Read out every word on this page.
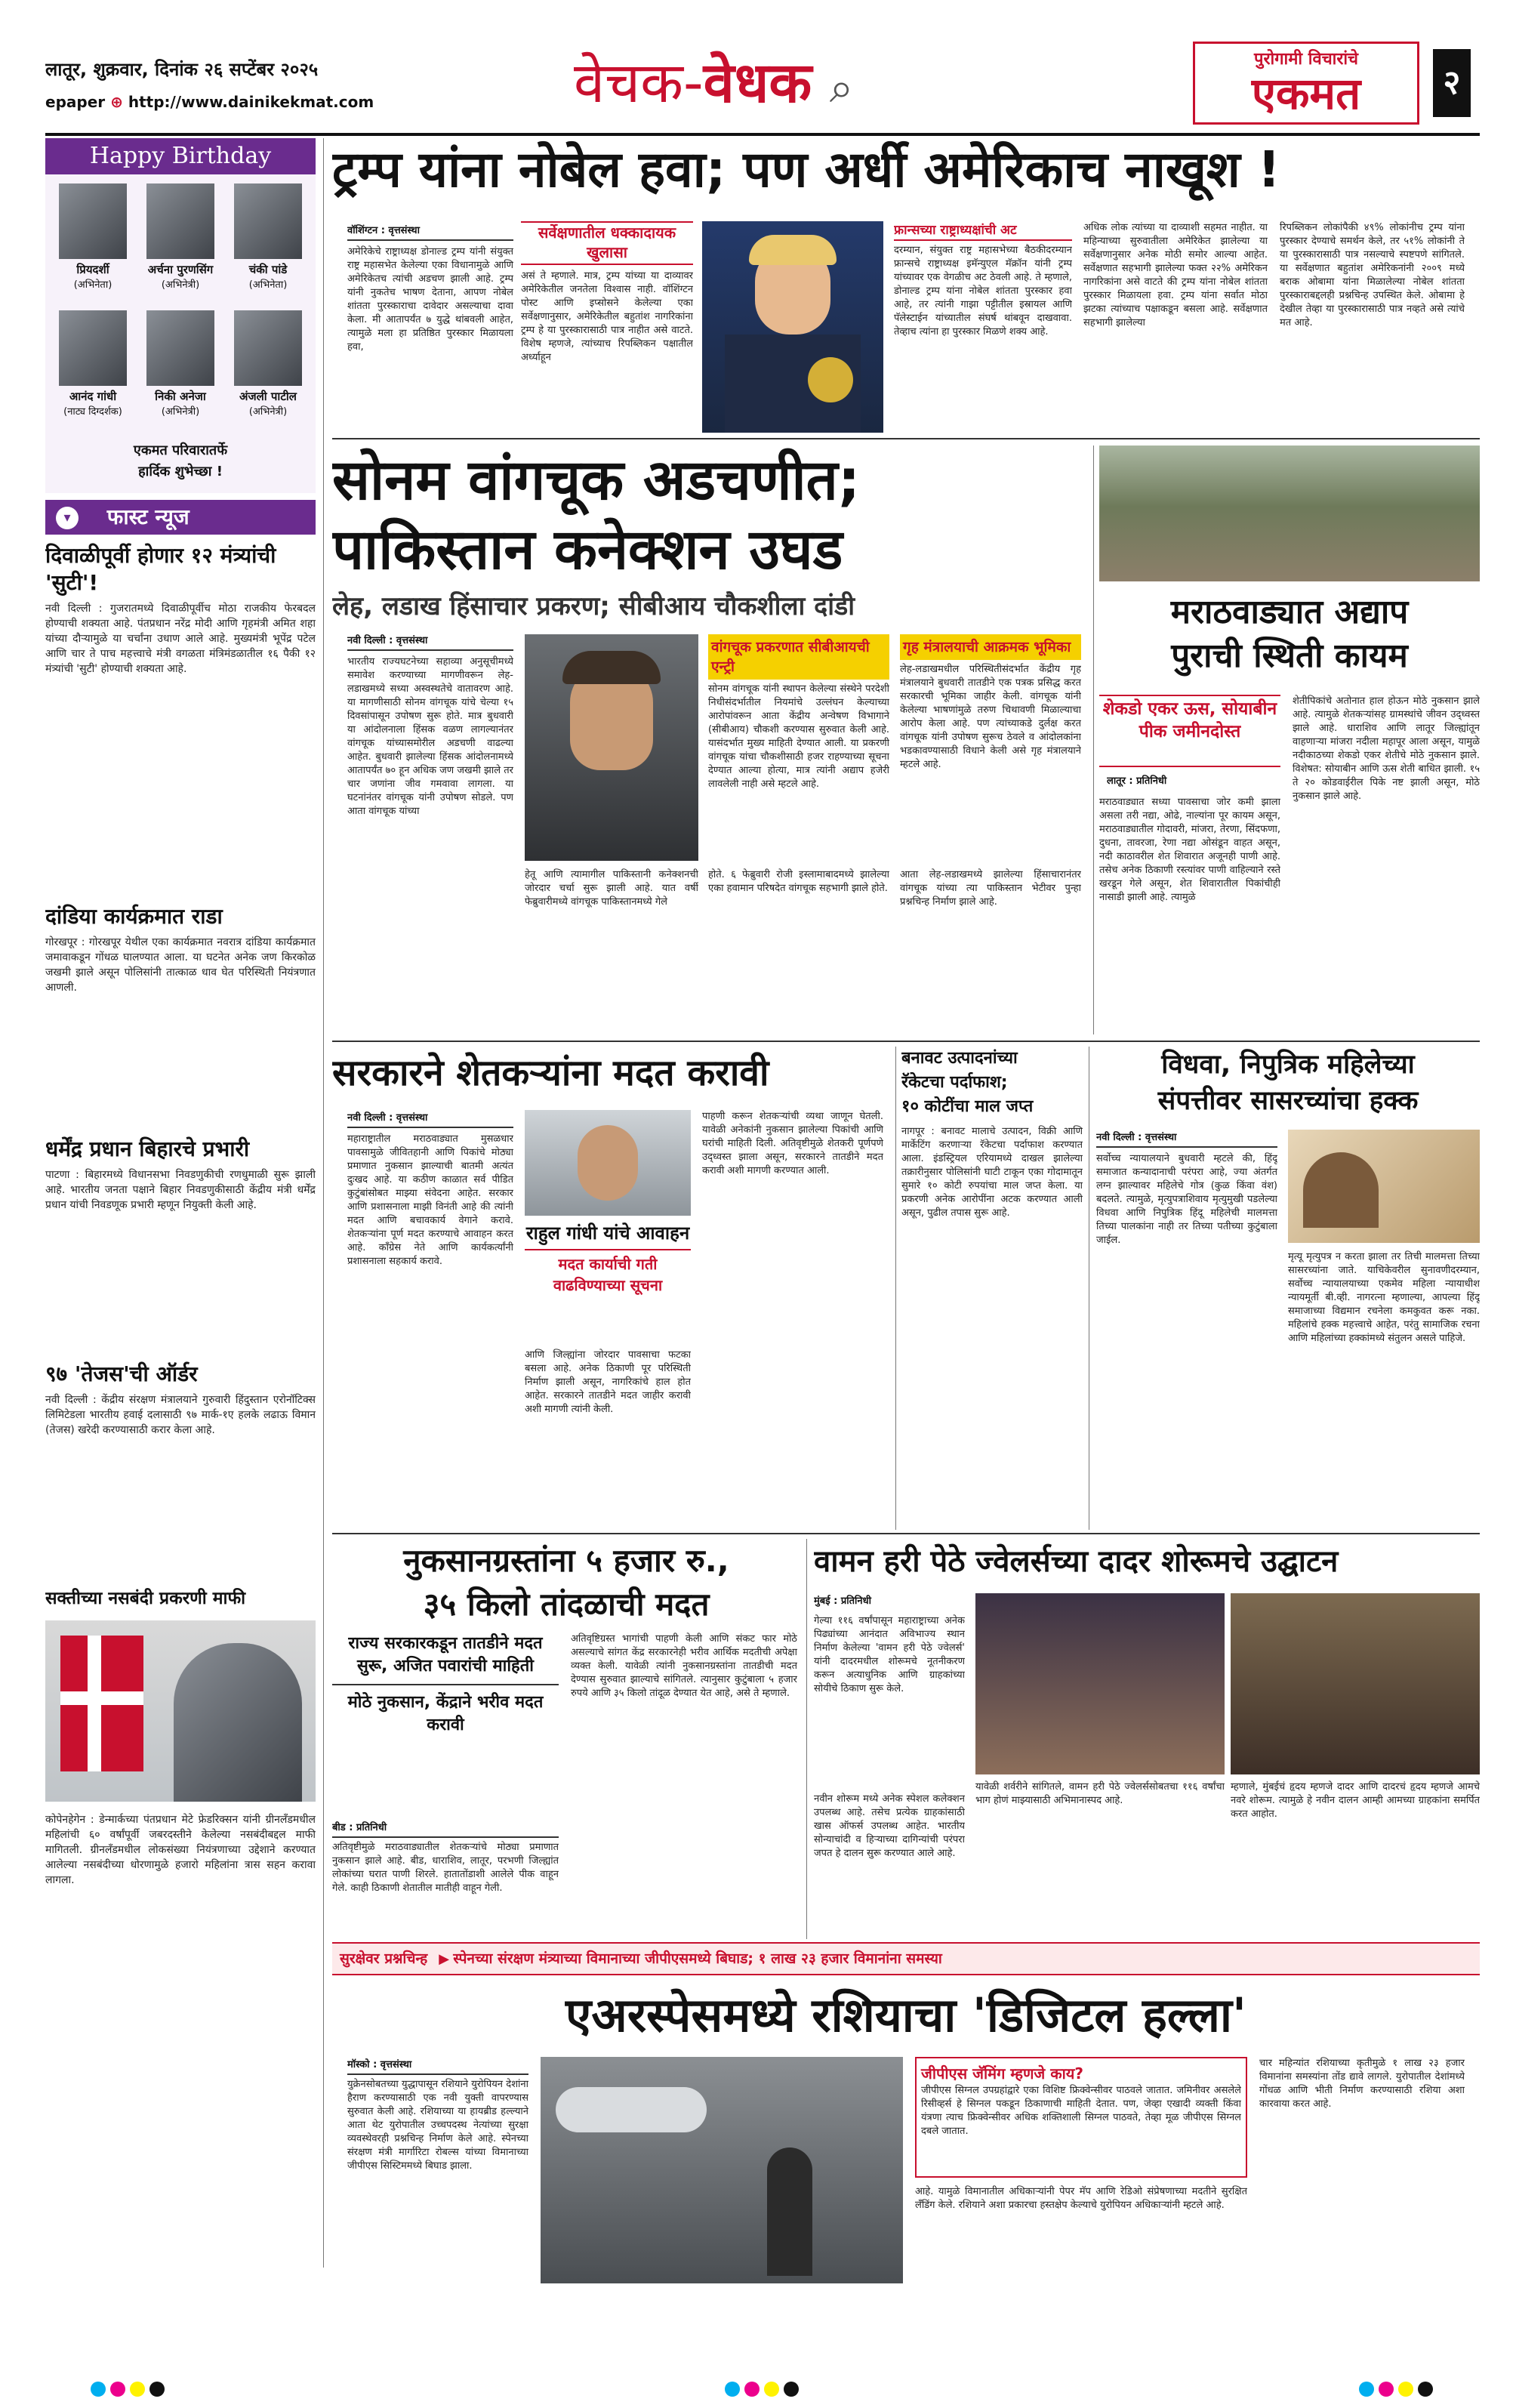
लातूर, शुक्रवार, दिनांक २६ सप्टेंबर २०२५
epaper ⊕ http://www.dainikekmat.com	वेचक-वेधक ⌕
पुरोगामी विचारांचे
एकमत	२
Happy Birthday
प्रियदर्शी
(अभिनेता)
अर्चना पुरणसिंग
(अभिनेत्री)
चंकी पांडे
(अभिनेता)
आनंद गांधी
(नाट्य दिग्दर्शक)
निकी अनेजा
(अभिनेत्री)
अंजली पाटील
(अभिनेत्री)
एकमत परिवारातर्फे
हार्दिक शुभेच्छा !
▾ फास्ट न्यूज
दिवाळीपूर्वी होणार १२ मंत्र्यांची 'सुटी'!
नवी दिल्ली : गुजरातमध्ये दिवाळीपूर्वीच मोठा राजकीय फेरबदल होण्याची शक्यता आहे. पंतप्रधान नरेंद्र मोदी आणि गृहमंत्री अमित शहा यांच्या दौऱ्यामुळे या चर्चांना उधाण आले आहे. मुख्यमंत्री भूपेंद्र पटेल आणि चार ते पाच महत्त्वाचे मंत्री वगळता मंत्रिमंडळातील १६ पैकी १२ मंत्र्यांची 'सुटी' होण्याची शक्यता आहे.
दांडिया कार्यक्रमात राडा
गोरखपूर : गोरखपूर येथील एका कार्यक्रमात नवरात्र दांडिया कार्यक्रमात जमावाकडून गोंधळ घालण्यात आला. या घटनेत अनेक जण किरकोळ जखमी झाले असून पोलिसांनी तात्काळ धाव घेत परिस्थिती नियंत्रणात आणली.
धर्मेंद्र प्रधान बिहारचे प्रभारी
पाटणा : बिहारमध्ये विधानसभा निवडणुकीची रणधुमाळी सुरू झाली आहे. भारतीय जनता पक्षाने बिहार निवडणुकीसाठी केंद्रीय मंत्री धर्मेंद्र प्रधान यांची निवडणूक प्रभारी म्हणून नियुक्ती केली आहे.
९७ 'तेजस'ची ऑर्डर
नवी दिल्ली : केंद्रीय संरक्षण मंत्रालयाने गुरुवारी हिंदुस्तान एरोनॉटिक्स लिमिटेडला भारतीय हवाई दलासाठी ९७ मार्क-१ए हलके लढाऊ विमान (तेजस) खरेदी करण्यासाठी करार केला आहे.
सक्तीच्या नसबंदी प्रकरणी माफी
कोपेनहेगेन : डेन्मार्कच्या पंतप्रधान मेटे फ्रेडरिक्सन यांनी ग्रीनलँडमधील महिलांची ६० वर्षांपूर्वी जबरदस्तीने केलेल्या नसबंदीबद्दल माफी मागितली. ग्रीनलँडमधील लोकसंख्या नियंत्रणाच्या उद्देशाने करण्यात आलेल्या नसबंदीच्या धोरणामुळे हजारो महिलांना त्रास सहन करावा लागला.
ट्रम्प यांना नोबेल हवा; पण अर्धी अमेरिकाच नाखूश !
वॉशिंग्टन : वृत्तसंस्था
अमेरिकेचे राष्ट्राध्यक्ष डोनाल्ड ट्रम्प यांनी संयुक्त राष्ट्र महासभेत केलेल्या एका विधानामुळे आणि अमेरिकेतच त्यांची अडचण झाली आहे. ट्रम्प यांनी नुकतेच भाषण देताना, आपण नोबेल शांतता पुरस्काराचा दावेदार असल्याचा दावा केला. मी आतापर्यंत ७ युद्धे थांबवली आहेत, त्यामुळे मला हा प्रतिष्ठित पुरस्कार मिळायला हवा,
सर्वेक्षणातील धक्कादायक खुलासा
असं ते म्हणाले. मात्र, ट्रम्प यांच्या या दाव्यावर अमेरिकेतील जनतेला विश्वास नाही. वॉशिंग्टन पोस्ट आणि इप्सोसने केलेल्या एका सर्वेक्षणानुसार, अमेरिकेतील बहुतांश नागरिकांना ट्रम्प हे या पुरस्कारासाठी पात्र नाहीत असे वाटते. विशेष म्हणजे, त्यांच्याच रिपब्लिकन पक्षातील अर्ध्याहून
फ्रान्सच्या राष्ट्राध्यक्षांची अट
दरम्यान, संयुक्त राष्ट्र महासभेच्या बैठकीदरम्यान फ्रान्सचे राष्ट्राध्यक्ष इमॅन्युएल मॅक्रॉन यांनी ट्रम्प यांच्यावर एक वेगळीच अट ठेवली आहे. ते म्हणाले, डोनाल्ड ट्रम्प यांना नोबेल शांतता पुरस्कार हवा आहे, तर त्यांनी गाझा पट्टीतील इस्रायल आणि पॅलेस्टाईन यांच्यातील संघर्ष थांबवून दाखवावा. तेव्हाच त्यांना हा पुरस्कार मिळणे शक्य आहे.
अधिक लोक त्यांच्या या दाव्याशी सहमत नाहीत. या महिन्याच्या सुरुवातीला अमेरिकेत झालेल्या या सर्वेक्षणानुसार अनेक मोठी समोर आल्या आहेत. सर्वेक्षणात सहभागी झालेल्या फक्त २२% अमेरिकन नागरिकांना असे वाटते की ट्रम्प यांना नोबेल शांतता पुरस्कार मिळायला हवा. ट्रम्प यांना सर्वात मोठा झटका त्यांच्याच पक्षाकडून बसला आहे. सर्वेक्षणात सहभागी झालेल्या
रिपब्लिकन लोकांपैकी ४९% लोकांनीच ट्रम्प यांना पुरस्कार देण्याचे समर्थन केले, तर ५१% लोकांनी ते या पुरस्कारासाठी पात्र नसल्याचे स्पष्टपणे सांगितले. या सर्वेक्षणात बहुतांश अमेरिकनांनी २००९ मध्ये बराक ओबामा यांना मिळालेल्या नोबेल शांतता पुरस्काराबद्दलही प्रश्नचिन्ह उपस्थित केले. ओबामा हे देखील तेव्हा या पुरस्कारासाठी पात्र नव्हते असे त्यांचे मत आहे.
सोनम वांगचूक अडचणीत;
पाकिस्तान कनेक्शन उघड
लेह, लडाख हिंसाचार प्रकरण; सीबीआय चौकशीला दांडी
नवी दिल्ली : वृत्तसंस्था
भारतीय राज्यघटनेच्या सहाव्या अनुसूचीमध्ये समावेश करण्याच्या मागणीवरून लेह-लडाखमध्ये सध्या अस्वस्थतेचे वातावरण आहे. या मागणीसाठी सोनम वांगचूक यांचे चेल्या १५ दिवसांपासून उपोषण सुरू होते. मात्र बुधवारी या आंदोलनाला हिंसक वळण लागल्यानंतर वांगचूक यांच्यासमोरील अडचणी वाढल्या आहेत. बुधवारी झालेल्या हिंसक आंदोलनामध्ये आतापर्यंत ७० हून अधिक जण जखमी झाले तर चार जणांना जीव गमवावा लागला. या घटनांनंतर वांगचूक यांनी उपोषण सोडले. पण आता वांगचूक यांच्या
वांगचूक प्रकरणात सीबीआयची एन्ट्री
सोनम वांगचूक यांनी स्थापन केलेल्या संस्थेने परदेशी निधीसंदर्भातील नियमांचे उल्लंघन केल्याच्या आरोपांवरून आता केंद्रीय अन्वेषण विभागाने (सीबीआय) चौकशी करण्यास सुरुवात केली आहे. यासंदर्भात मुख्य माहिती देण्यात आली. या प्रकरणी वांगचूक यांचा चौकशीसाठी हजर राहण्याच्या सूचना देण्यात आल्या होत्या, मात्र त्यांनी अद्याप हजेरी लावलेली नाही असे म्हटले आहे.
गृह मंत्रालयाची आक्रमक भूमिका
लेह-लडाखमधील परिस्थितीसंदर्भात केंद्रीय गृह मंत्रालयाने बुधवारी तातडीने एक पत्रक प्रसिद्ध करत सरकारची भूमिका जाहीर केली. वांगचूक यांनी केलेल्या भाषणांमुळे तरुण चिथावणी मिळाल्याचा आरोप केला आहे. पण त्यांच्याकडे दुर्लक्ष करत वांगचूक यांनी उपोषण सुरूच ठेवले व आंदोलकांना भडकावण्यासाठी विधाने केली असे गृह मंत्रालयाने म्हटले आहे.
हेतू आणि त्यामागील पाकिस्तानी कनेक्शनची जोरदार चर्चा सुरू झाली आहे. यात वर्षी फेब्रुवारीमध्ये वांगचूक पाकिस्तानमध्ये गेले
होते. ६ फेब्रुवारी रोजी इस्लामाबादमध्ये झालेल्या एका हवामान परिषदेत वांगचूक सहभागी झाले होते.
आता लेह-लडाखमध्ये झालेल्या हिंसाचारानंतर वांगचूक यांच्या त्या पाकिस्तान भेटीवर पुन्हा प्रश्नचिन्ह निर्माण झाले आहे.
मराठवाड्यात अद्याप
पुराची स्थिती कायम
शेकडो एकर ऊस, सोयाबीन पीक जमीनदोस्त
लातूर : प्रतिनिधी
मराठवाड्यात सध्या पावसाचा जोर कमी झाला असला तरी नद्या, ओढे, नाल्यांना पूर कायम असून, मराठवाड्यातील गोदावरी, मांजरा, तेरणा, सिंदफणा, दुधना, तावरजा, रेणा नद्या ओसंडून वाहत असून, नदी काठावरील शेत शिवारात अजूनही पाणी आहे. तसेच अनेक ठिकाणी रस्त्यांवर पाणी वाहिल्याने रस्ते खरडून गेले असून, शेत शिवारातील पिकांचीही नासाडी झाली आहे. त्यामुळे
शेतीपिकांचे अतोनात हाल होऊन मोठे नुकसान झाले आहे. त्यामुळे शेतकऱ्यांसह ग्रामस्थांचे जीवन उद्ध्वस्त झाले आहे. धाराशिव आणि लातूर जिल्ह्यांतून वाहणाऱ्या मांजरा नदीला महापूर आला असून, यामुळे नदीकाठच्या शेकडो एकर शेतीचे मोठे नुकसान झाले. विशेषत: सोयाबीन आणि ऊस शेती बाधित झाली. १५ ते २० कोडवाईरील पिके नष्ट झाली असून, मोठे नुकसान झाले आहे.
सरकारने शेतकऱ्यांना मदत करावी
नवी दिल्ली : वृत्तसंस्था
महाराष्ट्रातील मराठवाड्यात मुसळधार पावसामुळे जीवितहानी आणि पिकांचे मोठ्या प्रमाणात नुकसान झाल्याची बातमी अत्यंत दुःखद आहे. या कठीण काळात सर्व पीडित कुटुंबांसोबत माझ्या संवेदना आहेत. सरकार आणि प्रशासनाला माझी विनंती आहे की त्यांनी मदत आणि बचावकार्य वेगाने करावे. शेतकऱ्यांना पूर्ण मदत करण्याचे आवाहन करत आहे. काँग्रेस नेते आणि कार्यकर्त्यांनी प्रशासनाला सहकार्य करावे.
राहुल गांधी यांचे आवाहन
मदत कार्याची गती वाढविण्याच्या सूचना
आणि जिल्ह्यांना जोरदार पावसाचा फटका बसला आहे. अनेक ठिकाणी पूर परिस्थिती निर्माण झाली असून, नागरिकांचे हाल होत आहेत. सरकारने तातडीने मदत जाहीर करावी अशी मागणी त्यांनी केली.
पाहणी करून शेतकऱ्यांची व्यथा जाणून घेतली. यावेळी अनेकांनी नुकसान झालेल्या पिकांची आणि घरांची माहिती दिली. अतिवृष्टीमुळे शेतकरी पूर्णपणे उद्ध्वस्त झाला असून, सरकारने तातडीने मदत करावी अशी मागणी करण्यात आली.
बनावट उत्पादनांच्या
रॅकेटचा पर्दाफाश;
१० कोटींचा माल जप्त
नागपूर : बनावट मालाचे उत्पादन, विक्री आणि मार्केटिंग करणाऱ्या रॅकेटचा पर्दाफाश करण्यात आला. इंडस्ट्रियल एरियामध्ये दाखल झालेल्या तक्रारीनुसार पोलिसांनी घाटी टाकून एका गोदामातून सुमारे १० कोटी रुपयांचा माल जप्त केला. या प्रकरणी अनेक आरोपींना अटक करण्यात आली असून, पुढील तपास सुरू आहे.
विधवा, निपुत्रिक महिलेच्या
संपत्तीवर सासरच्यांचा हक्क
नवी दिल्ली : वृत्तसंस्था
सर्वोच्च न्यायालयाने बुधवारी म्हटले की, हिंदू समाजात कन्यादानाची परंपरा आहे, ज्या अंतर्गत लग्न झाल्यावर महिलेचे गोत्र (कुळ किंवा वंश) बदलते. त्यामुळे, मृत्युपत्राशिवाय मृत्युमुखी पडलेल्या विधवा आणि निपुत्रिक हिंदू महिलेची मालमत्ता तिच्या पालकांना नाही तर तिच्या पतीच्या कुटुंबाला जाईल.
मृत्यू मृत्युपत्र न करता झाला तर तिची मालमत्ता तिच्या सासरच्यांना जाते. याचिकेवरील सुनावणीदरम्यान, सर्वोच्च न्यायालयाच्या एकमेव महिला न्यायाधीश न्यायमूर्ती बी.व्ही. नागरत्ना म्हणाल्या, आपल्या हिंदू समाजाच्या विद्यमान रचनेला कमकुवत करू नका. महिलांचे हक्क महत्त्वाचे आहेत, परंतु सामाजिक रचना आणि महिलांच्या हक्कांमध्ये संतुलन असले पाहिजे.
नुकसानग्रस्तांना ५ हजार रु.,
३५ किलो तांदळाची मदत
राज्य सरकारकडून तातडीने मदत सुरू, अजित पवारांची माहिती
मोठे नुकसान, केंद्राने भरीव मदत करावी
बीड : प्रतिनिधी
अतिवृष्टीमुळे मराठवाड्यातील शेतकऱ्यांचे मोठ्या प्रमाणात नुकसान झाले आहे. बीड, धाराशिव, लातूर, परभणी जिल्ह्यांत लोकांच्या घरात पाणी शिरले. हातातोंडाशी आलेले पीक वाहून गेले. काही ठिकाणी शेतातील मातीही वाहून गेली.
अतिवृष्टिग्रस्त भागांची पाहणी केली आणि संकट फार मोठे असल्याचे सांगत केंद्र सरकारनेही भरीव आर्थिक मदतीची अपेक्षा व्यक्त केली. यावेळी त्यांनी नुकसानग्रस्तांना तातडीची मदत देण्यास सुरुवात झाल्याचे सांगितले. त्यानुसार कुटुंबाला ५ हजार रुपये आणि ३५ किलो तांदूळ देण्यात येत आहे, असे ते म्हणाले.
वामन हरी पेठे ज्वेलर्सच्या दादर शोरूमचे उद्घाटन
मुंबई : प्रतिनिधी
गेल्या ११६ वर्षांपासून महाराष्ट्राच्या अनेक पिढ्यांच्या आनंदात अविभाज्य स्थान निर्माण केलेल्या 'वामन हरी पेठे ज्वेलर्स' यांनी दादरमधील शोरूमचे नूतनीकरण करून अत्याधुनिक आणि ग्राहकांच्या सोयीचे ठिकाण सुरू केले.
नवीन शोरूम मध्ये अनेक स्पेशल कलेक्शन उपलब्ध आहे. तसेच प्रत्येक ग्राहकांसाठी खास ऑफर्स उपलब्ध आहेत. भारतीय सोन्याचांदी व हिऱ्याच्या दागिन्यांची परंपरा जपत हे दालन सुरू करण्यात आले आहे.
यावेळी शर्वरीने सांगितले, वामन हरी पेठे ज्वेलर्ससोबतचा ११६ वर्षांचा भाग होणं माझ्यासाठी अभिमानास्पद आहे.
म्हणाले, मुंबईचं हृदय म्हणजे दादर आणि दादरचं हृदय म्हणजे आमचे नवरे शोरूम. त्यामुळे हे नवीन दालन आम्ही आमच्या ग्राहकांना समर्पित करत आहोत.
सुरक्षेवर प्रश्नचिन्ह ▶ स्पेनच्या संरक्षण मंत्र्याच्या विमानाच्या जीपीएसमध्ये बिघाड; १ लाख २३ हजार विमानांना समस्या
एअरस्पेसमध्ये रशियाचा 'डिजिटल हल्ला'
मॉस्को : वृत्तसंस्था
युक्रेनसोबतच्या युद्धापासून रशियाने युरोपियन देशांना हैराण करण्यासाठी एक नवी युक्ती वापरण्यास सुरुवात केली आहे. रशियाच्या या हायब्रीड हल्ल्याने आता थेट युरोपातील उच्चपदस्थ नेत्यांच्या सुरक्षा व्यवस्थेवरही प्रश्नचिन्ह निर्माण केले आहे. स्पेनच्या संरक्षण मंत्री मार्गारिटा रोबल्स यांच्या विमानाच्या जीपीएस सिस्टिममध्ये बिघाड झाला.
जीपीएस जॅमिंग म्हणजे काय?
जीपीएस सिग्नल उपग्रहांद्वारे एका विशिष्ट फ्रिक्वेन्सीवर पाठवले जातात. जमिनीवर असलेले रिसीव्हर्स हे सिग्नल पकडून ठिकाणाची माहिती देतात. पण, जेव्हा एखादी व्यक्ती किंवा यंत्रणा त्याच फ्रिक्वेन्सीवर अधिक शक्तिशाली सिग्नल पाठवते, तेव्हा मूळ जीपीएस सिग्नल दबले जातात.
आहे. यामुळे विमानातील अधिकाऱ्यांनी पेपर मॅप आणि रेडिओ संप्रेषणाच्या मदतीने सुरक्षित लँडिंग केले. रशियाने अशा प्रकारचा हस्तक्षेप केल्याचे युरोपियन अधिकाऱ्यांनी म्हटले आहे.
चार महिन्यांत रशियाच्या कृतीमुळे १ लाख २३ हजार विमानांना समस्यांना तोंड द्यावे लागले. युरोपातील देशांमध्ये गोंधळ आणि भीती निर्माण करण्यासाठी रशिया अशा कारवाया करत आहे.
